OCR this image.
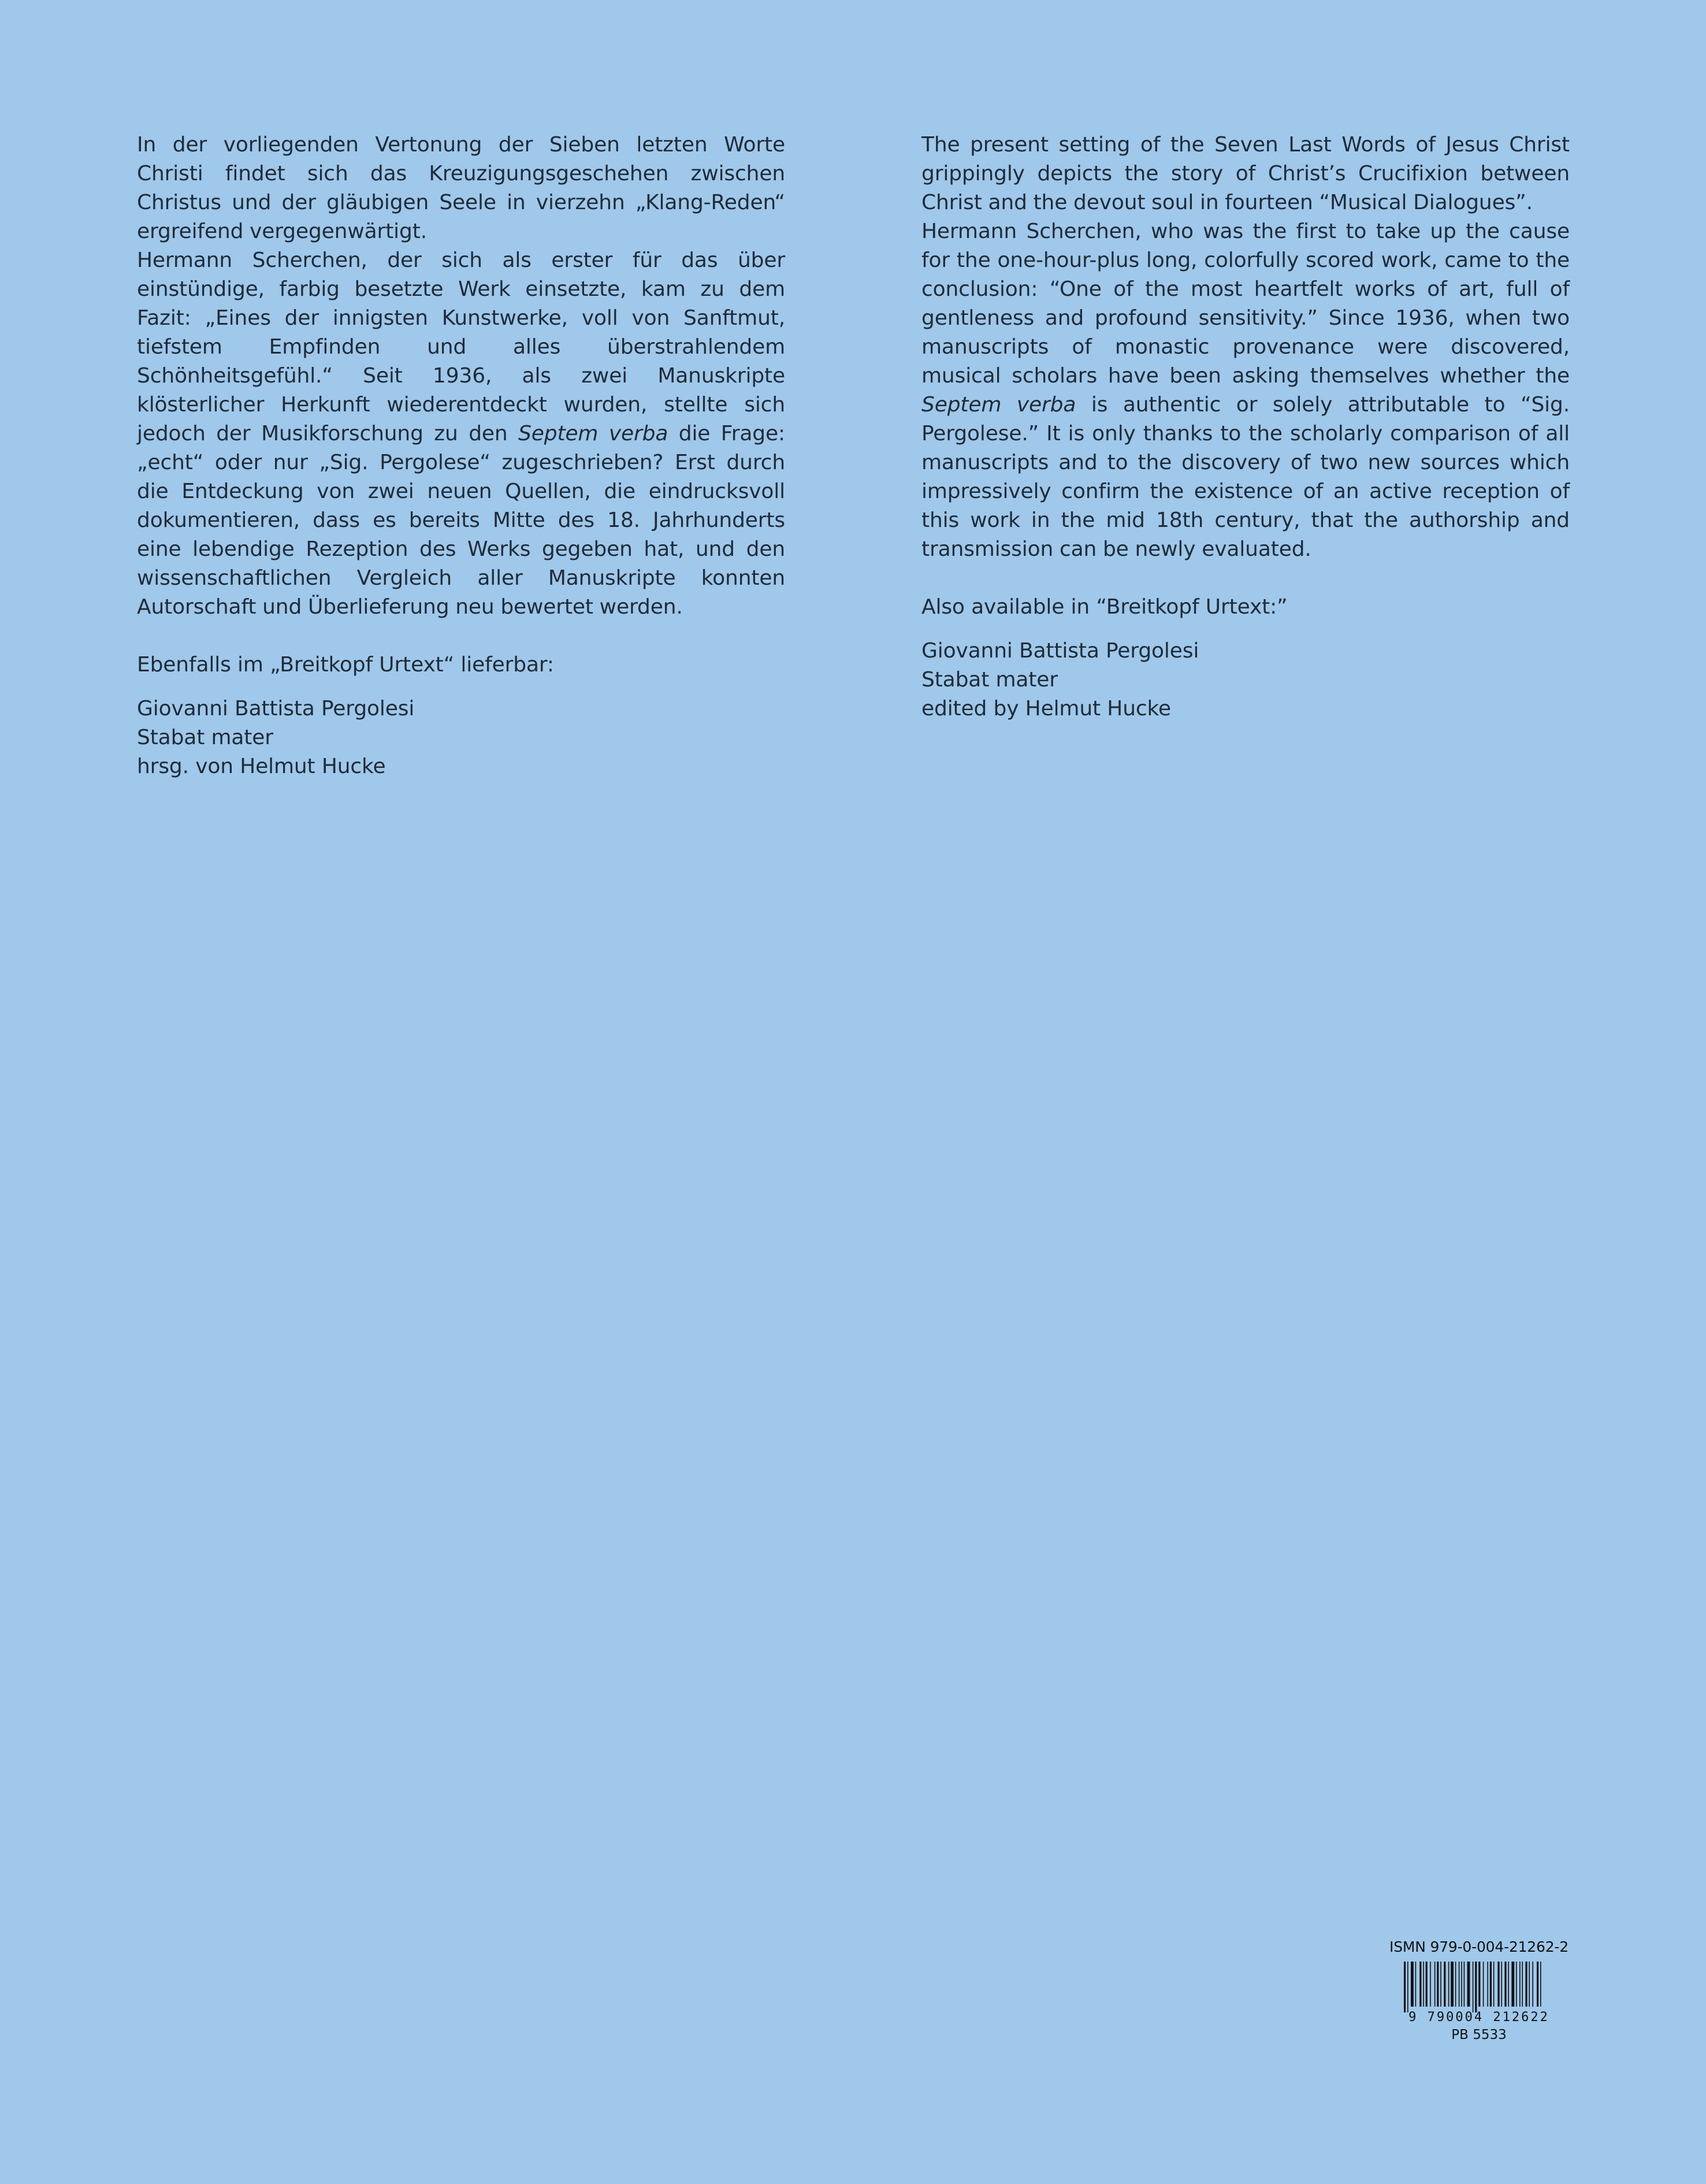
In der vorliegenden Vertonung der Sieben letzten Worte Christi findet sich das Kreuzigungsgeschehen zwischen Christus und der gläubigen Seele in vierzehn „Klang-Reden“ ergreifend vergegenwärtigt.

Hermann Scherchen, der sich als erster für das über einstündige, farbig besetzte Werk einsetzte, kam zu dem Fazit: „Eines der innigsten Kunstwerke, voll von Sanftmut, tiefstem Empfinden und alles überstrahlendem Schönheitsgefühl.“ Seit 1936, als zwei Manuskripte klösterlicher Herkunft wiederentdeckt wurden, stellte sich jedoch der Musikforschung zu den Septem verba die Frage: „echt“ oder nur „Sig. Pergolese“ zugeschrieben? Erst durch die Entdeckung von zwei neuen Quellen, die eindrucksvoll dokumentieren, dass es bereits Mitte des 18. Jahrhunderts eine lebendige Rezeption des Werks gegeben hat, und den wissenschaftlichen Vergleich aller Manuskripte konnten Autorschaft und Überlieferung neu bewertet werden.

Ebenfalls im „Breitkopf Urtext“ lieferbar:
Giovanni Battista Pergolesi
Stabat mater
hrsg. von Helmut Hucke

The present setting of the Seven Last Words of Jesus Christ grippingly depicts the story of Christ’s Crucifixion between Christ and the devout soul in fourteen “Musical Dialogues”.

Hermann Scherchen, who was the first to take up the cause for the one-hour-plus long, colorfully scored work, came to the conclusion: “One of the most heartfelt works of art, full of gentleness and profound sensitivity.” Since 1936, when two manuscripts of monastic provenance were discovered, musical scholars have been asking themselves whether the Septem verba is authentic or solely attributable to “Sig. Pergolese.” It is only thanks to the scholarly comparison of all manuscripts and to the discovery of two new sources which impressively confirm the existence of an active reception of this work in the mid 18th century, that the authorship and transmission can be newly evaluated.

Also available in “Breitkopf Urtext:”
Giovanni Battista Pergolesi
Stabat mater
edited by Helmut Hucke
ISMN 979-0-004-21262-2
9 790004 212622
PB 5533
